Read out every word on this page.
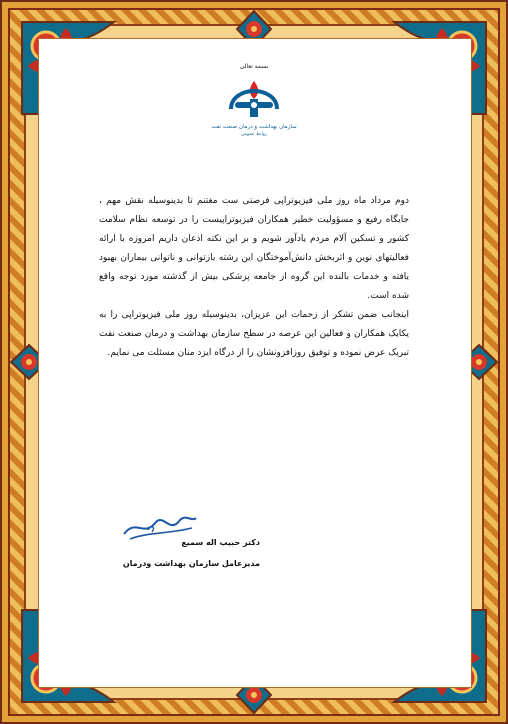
بسمه تعالی
سازمان بهداشت و درمان صنعت نفت
روابط عمومی

دوم مرداد ماه روز ملی فیزیوتراپی فرصتی ست مغتنم تا بدینوسیله نقش مهم ، جایگاه رفیع و مسؤولیت خطیر همکاران فیزیوتراپیست را در توسعه نظام سلامت کشور و تسکین آلام مردم یادآور شویم و بر این نکته اذعان داریم امروزه با ارائه فعالیتهای نوین و اثربخش دانش‌آموختگان این رشته بازتوانی و ناتوانی بیماران بهبود یافته و خدمات بالنده این گروه از جامعه پزشکی بیش از گذشته مورد توجه واقع شده است.

اینجانب ضمن تشکر از زحمات این عزیزان، بدینوسیله روز ملی فیزیوتراپی را به یکایک همکاران و فعالین این عرصه در سطح سازمان بهداشت و درمان صنعت نفت تبریک عرض نموده و توفیق روزافزونشان را از درگاه ایزد منان مسئلت می نمایم.

دکتر حبیب اله سمیع
مدیرعامل سازمان بهداشت ودرمان
